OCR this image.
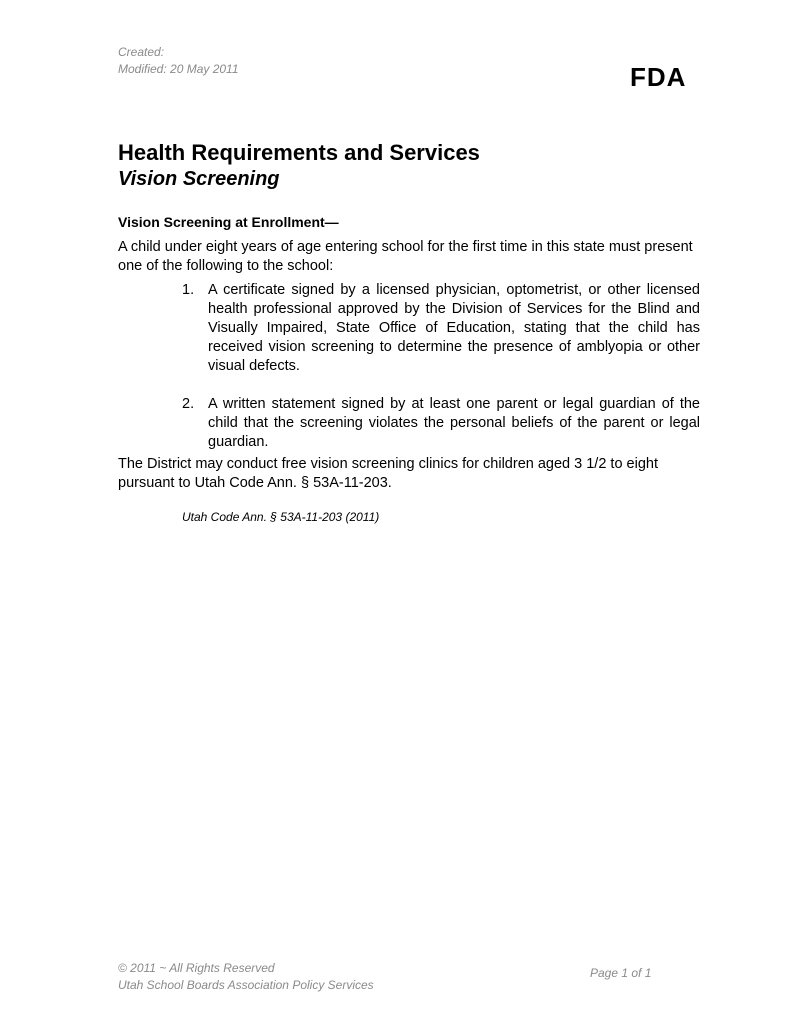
Created:
Modified: 20 May 2011	FDA
Health Requirements and Services
Vision Screening
Vision Screening at Enrollment—
A child under eight years of age entering school for the first time in this state must present one of the following to the school:
1. A certificate signed by a licensed physician, optometrist, or other licensed health professional approved by the Division of Services for the Blind and Visually Impaired, State Office of Education, stating that the child has received vision screening to determine the presence of amblyopia or other visual defects.
2. A written statement signed by at least one parent or legal guardian of the child that the screening violates the personal beliefs of the parent or legal guardian.
The District may conduct free vision screening clinics for children aged 3 1/2 to eight pursuant to Utah Code Ann. § 53A-11-203.
Utah Code Ann. § 53A-11-203 (2011)
© 2011 ~ All Rights Reserved
Utah School Boards Association Policy Services
Page 1 of 1
